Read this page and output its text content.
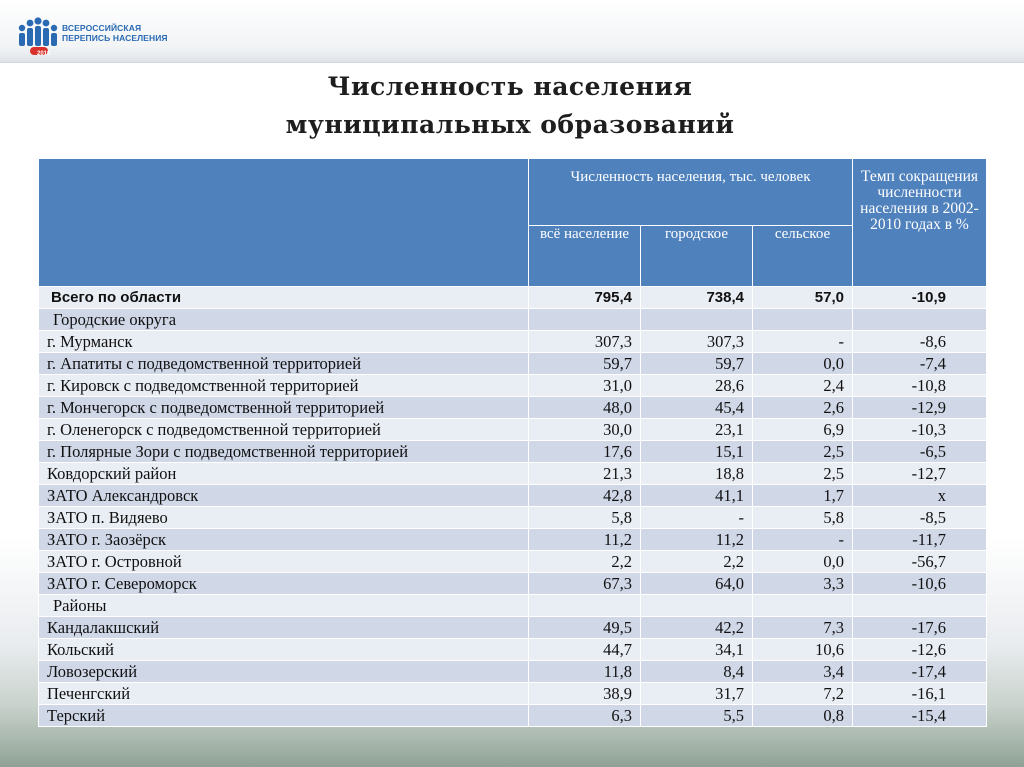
2010
ВСЕРОССИЙСКАЯ
ПЕРЕПИСЬ НАСЕЛЕНИЯ
Численность населения
муниципальных образований
	Численность населения, тыс. человек			Темп сокращения численности населения в 2002-2010 годах в %
	всё население	городское	сельское	
Всего по области	795,4	738,4	57,0	-10,9
Городские округа				
г. Мурманск	307,3	307,3	-	-8,6
г. Апатиты с подведомственной территорией	59,7	59,7	0,0	-7,4
г. Кировск с подведомственной территорией	31,0	28,6	2,4	-10,8
г. Мончегорск с подведомственной территорией	48,0	45,4	2,6	-12,9
г. Оленегорск с подведомственной территорией	30,0	23,1	6,9	-10,3
г. Полярные Зори с подведомственной территорией	17,6	15,1	2,5	-6,5
Ковдорский район	21,3	18,8	2,5	-12,7
ЗАТО Александровск	42,8	41,1	1,7	х
ЗАТО п. Видяево	5,8	-	5,8	-8,5
ЗАТО г. Заозёрск	11,2	11,2	-	-11,7
ЗАТО г. Островной	2,2	2,2	0,0	-56,7
ЗАТО г. Североморск	67,3	64,0	3,3	-10,6
Районы				
Кандалакшский	49,5	42,2	7,3	-17,6
Кольский	44,7	34,1	10,6	-12,6
Ловозерский	11,8	8,4	3,4	-17,4
Печенгский	38,9	31,7	7,2	-16,1
Терский	6,3	5,5	0,8	-15,4
